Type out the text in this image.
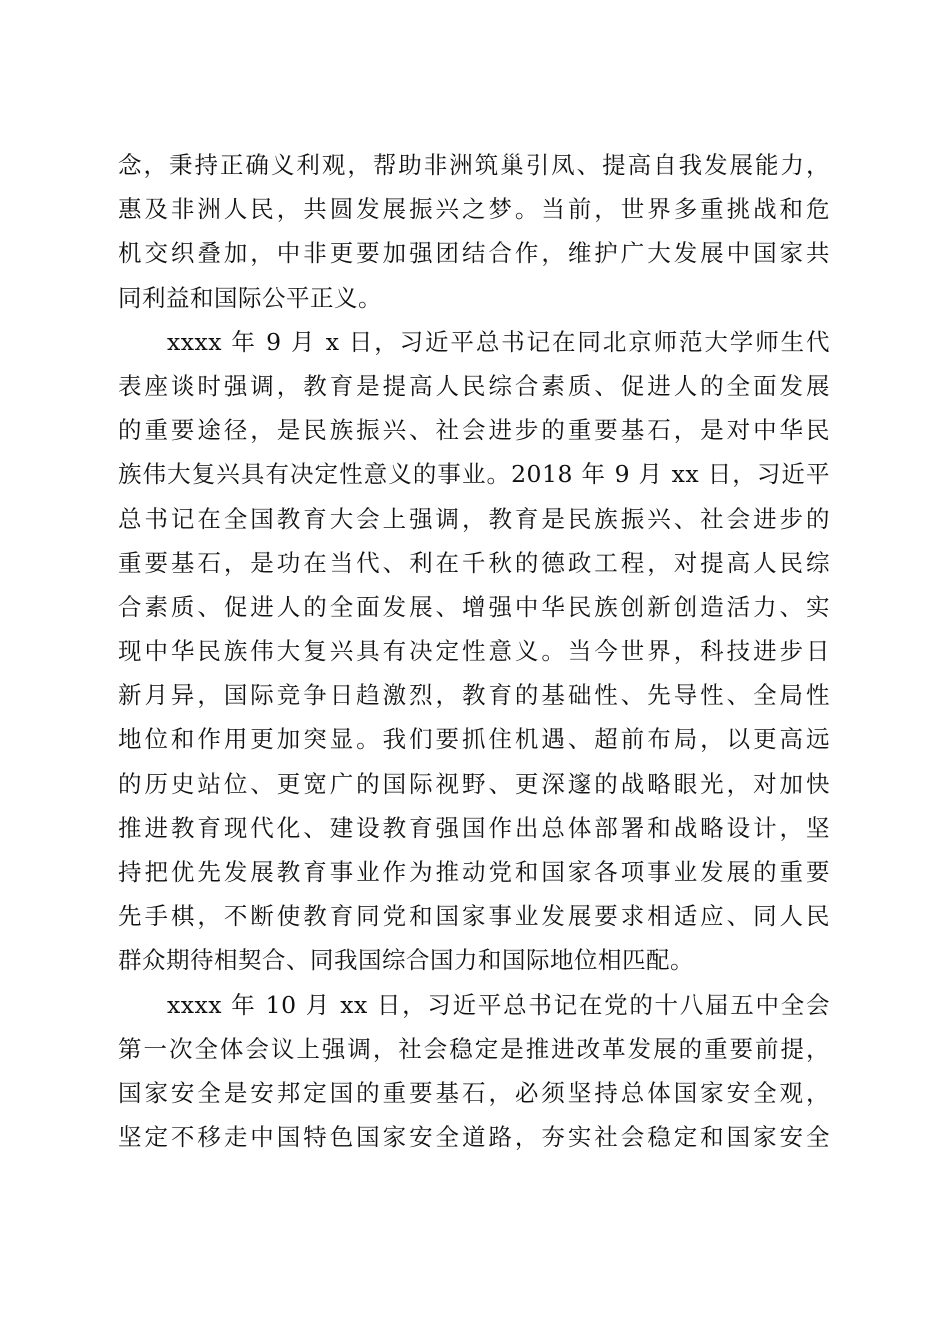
念，秉持正确义利观，帮助非洲筑巢引凤、提高自我发展能力，
惠及非洲人民，共圆发展振兴之梦。当前，世界多重挑战和危
机交织叠加，中非更要加强团结合作，维护广大发展中国家共
同利益和国际公平正义。
xxxx 年 9 月 x 日，习近平总书记在同北京师范大学师生代
表座谈时强调，教育是提高人民综合素质、促进人的全面发展
的重要途径，是民族振兴、社会进步的重要基石，是对中华民
族伟大复兴具有决定性意义的事业。2018 年 9 月 xx 日，习近平
总书记在全国教育大会上强调，教育是民族振兴、社会进步的
重要基石，是功在当代、利在千秋的德政工程，对提高人民综
合素质、促进人的全面发展、增强中华民族创新创造活力、实
现中华民族伟大复兴具有决定性意义。当今世界，科技进步日
新月异，国际竞争日趋激烈，教育的基础性、先导性、全局性
地位和作用更加突显。我们要抓住机遇、超前布局，以更高远
的历史站位、更宽广的国际视野、更深邃的战略眼光，对加快
推进教育现代化、建设教育强国作出总体部署和战略设计，坚
持把优先发展教育事业作为推动党和国家各项事业发展的重要
先手棋，不断使教育同党和国家事业发展要求相适应、同人民
群众期待相契合、同我国综合国力和国际地位相匹配。
xxxx 年 10 月 xx 日，习近平总书记在党的十八届五中全会
第一次全体会议上强调，社会稳定是推进改革发展的重要前提，
国家安全是安邦定国的重要基石，必须坚持总体国家安全观，
坚定不移走中国特色国家安全道路，夯实社会稳定和国家安全
